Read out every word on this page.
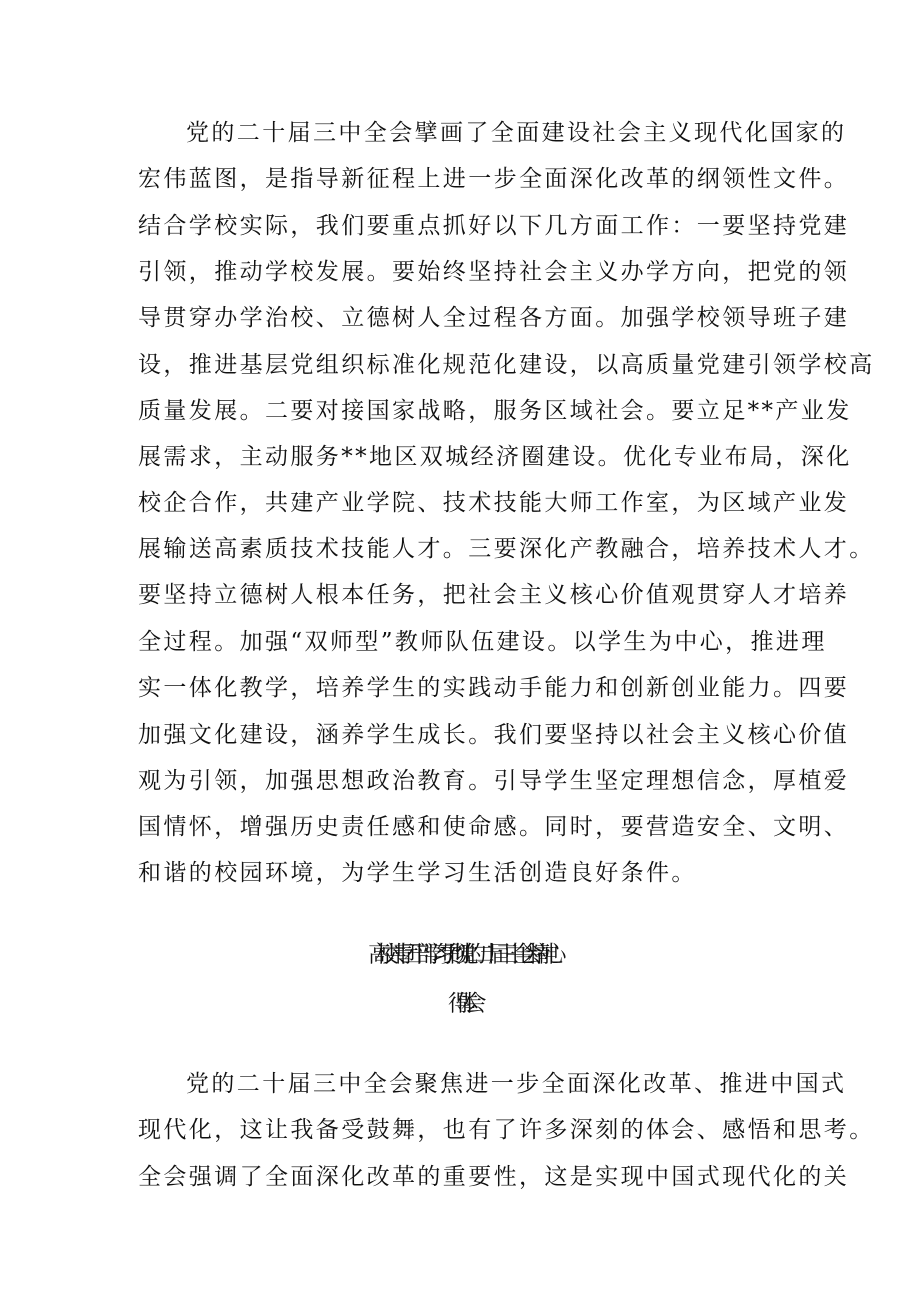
党的二十届三中全会擘画了全面建设社会主义现代化国家的
宏伟蓝图，是指导新征程上进一步全面深化改革的纲领性文件。
结合学校实际，我们要重点抓好以下几方面工作：一要坚持党建
引领，推动学校发展。要始终坚持社会主义办学方向，把党的领
导贯穿办学治校、立德树人全过程各方面。加强学校领导班子建
设，推进基层党组织标准化规范化建设，以高质量党建引领学校高
质量发展。二要对接国家战略，服务区域社会。要立足**产业发
展需求，主动服务**地区双城经济圈建设。优化专业布局，深化
校企合作，共建产业学院、技术技能大师工作室，为区域产业发
展输送高素质技术技能人才。三要深化产教融合，培养技术人才。
要坚持立德树人根本任务，把社会主义核心价值观贯穿人才培养
全过程。加强“双师型”教师队伍建设。以学生为中心，推进理
实一体化教学，培养学生的实践动手能力和创新创业能力。四要
加强文化建设，涵养学生成长。我们要坚持以社会主义核心价值
观为引领，加强思想政治教育。引导学生坚定理想信念，厚植爱
国情怀，增强历史责任感和使命感。同时，要营造安全、文明、
和谐的校园环境，为学生学习生活创造良好条件。
高校共青团干部学习贯彻党的二十届三中全会精神心
得体会
党的二十届三中全会聚焦进一步全面深化改革、推进中国式
现代化，这让我备受鼓舞，也有了许多深刻的体会、感悟和思考。
全会强调了全面深化改革的重要性，这是实现中国式现代化的关
